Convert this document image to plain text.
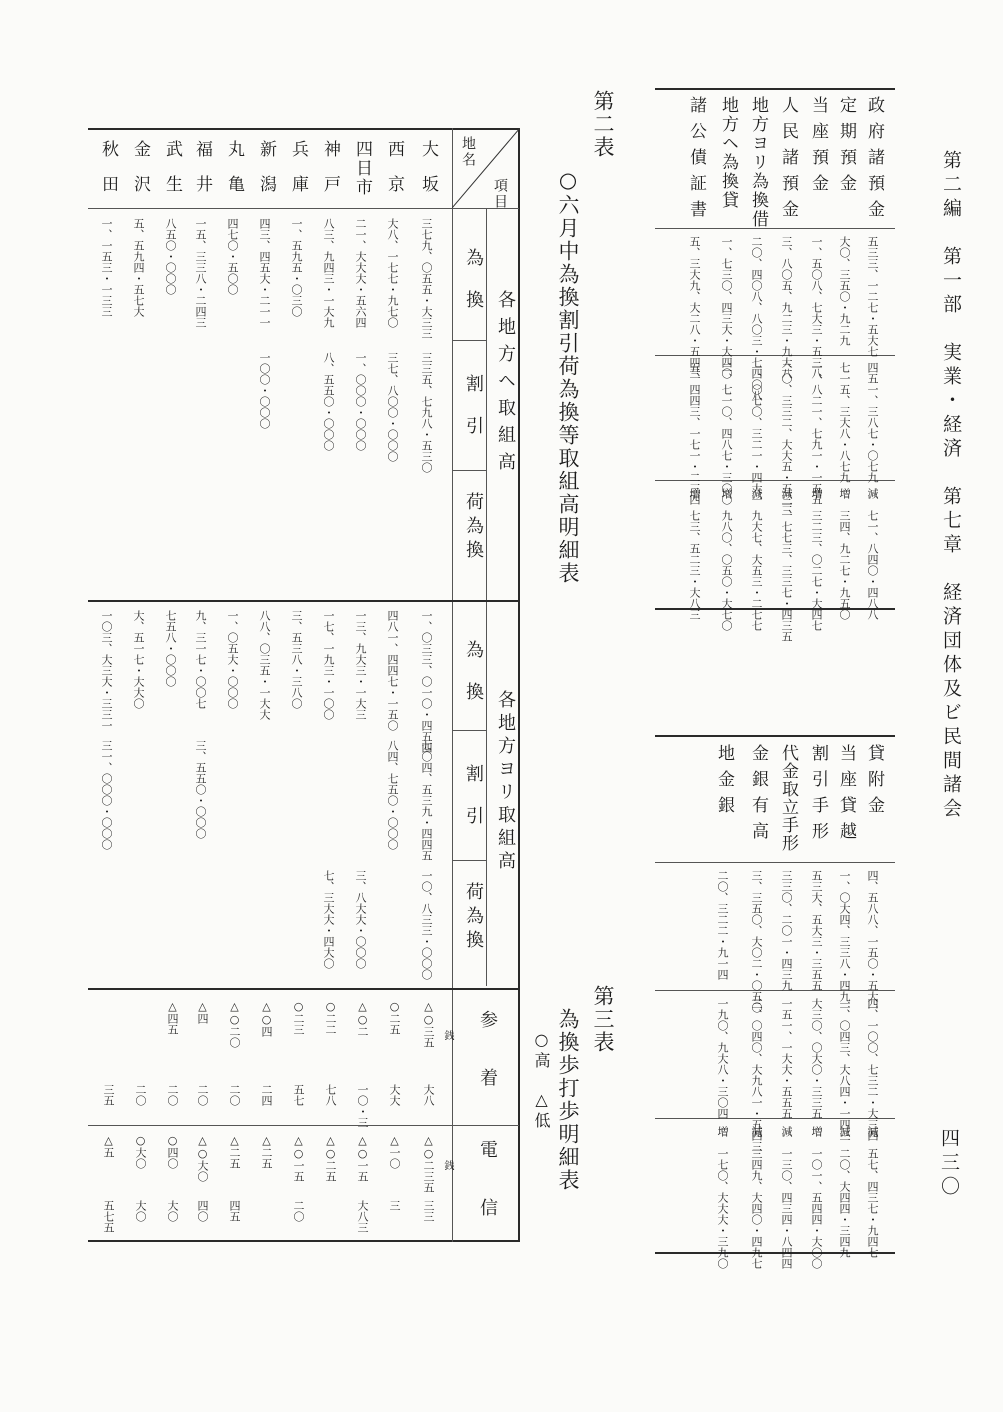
第二編　第一部　実業・経済　第七章　経済団体及ビ民間諸会
四三〇
政府諸預金
定期預金
当座預金
人民諸預金
地方ヨリ為換借
地方ヘ為換貸
諸公債証書
五三三、一二七・五大七
大〇、三五〇・九二九
一、五〇八、七大三・五三八
三、八〇五、九二三・九大八
二〇、四〇八、八〇三・七四〇八
一、七三〇、四三大・大四〇
五、三大九、大二八・五四三
四五一、三八七・〇七九
七一五、三大八・八七九
一、八二一、七九一・一五五
二〇、三三二、大大五・五三三
一、〇七〇、三二一・四大一
二、七一〇、四八七・三〇〇
五、四四三、一七一・二三四
減　七一、八四〇・四八八
増　三四、九二七・九五〇
増　三二三、〇二七・大四七
減一、七七三、三三七・四三五
減　九大七、大五三・二七七
増　九八〇、〇五〇・大七〇
増　七三、五二三・大八三
貸附金
当座貸越
割引手形
代金取立手形
金銀有高
地金銀
四、五八八、一五〇・五大一
一、〇大四、三三八・四九一
五三大、五大三・三五五
三三〇、二〇一・四三九
三、三五〇、大〇二・〇五〇
二〇、三二二・九一四
四、一〇〇、七三二・大三四
一、〇四三、大八四・一四三
大三〇、〇大〇・三三五
一五一、一大大・五五五
三、〇四〇、大九八一・五四三
一九〇、九大八・三〇四
減　五七、四三七・九四七
減　二〇、大四四・三四九
増　一〇一、五四四・大〇〇
減　一三〇、四三四・八四四
減　三四九、大四〇・四九七
増　一七〇、大大大・三九〇
第二表
○六月中為換割引荷為換等取組高明細表
第三表
為換歩打歩明細表
○高　△低
項目
地名
各地方ヘ取組高
各地方ヨリ取組高
為換
割引
荷為換
為換
割引
荷為換
参着
電信
大坂
西京
四日市
神戸
兵庫
新潟
丸亀
福井
武生
金沢
秋田
三七九、〇五五・大三三
大八、一七七・九七〇
二一、大大大・五六四
八三、九四三・一大九
一、五九五・〇三〇
四三、四五大・二一一
四七〇・五〇〇
一五、三三八・二四三
八五〇・〇〇〇
五、五九四・五七大
一、一五三・一三三
三三五、七九八・五三〇
三七、八〇〇・〇〇〇
一、〇〇〇・〇〇〇
八、五五〇・〇〇〇
一〇〇・〇〇〇
一、〇三三、〇一〇・四五四
四八一、四四七・一五〇
一三、九大三・一大三
一七、一九三・一〇〇
三、五三八・三八〇
八八、〇三五・一大大
一、〇五大・〇〇〇
九、三一七・〇〇七
七五八・〇〇〇
大、五一七・大大〇
一〇三、大三大・三三一
七〇四、五三九・四四五
八四、七五〇・〇〇〇
三、五五〇・〇〇〇
三一、〇〇〇・〇〇〇
一〇、八三三・〇〇〇
三、八大大・〇〇〇
七、三大大・四大〇
△○三五
○二五
△○二
○二二
○二三
△○四
△○二〇
△四
△四五
大八
大大
一〇・三
七八
五七
二四
二〇
二〇
二〇
二〇
三五
△○二三五
△一〇
△○一五
△○二五
△○一五
△二五
△二五
△○大〇
○四〇
○大〇
△五
三三
三
大八三
二〇
四五
四〇
大〇
大〇
五七五
銭
銭
